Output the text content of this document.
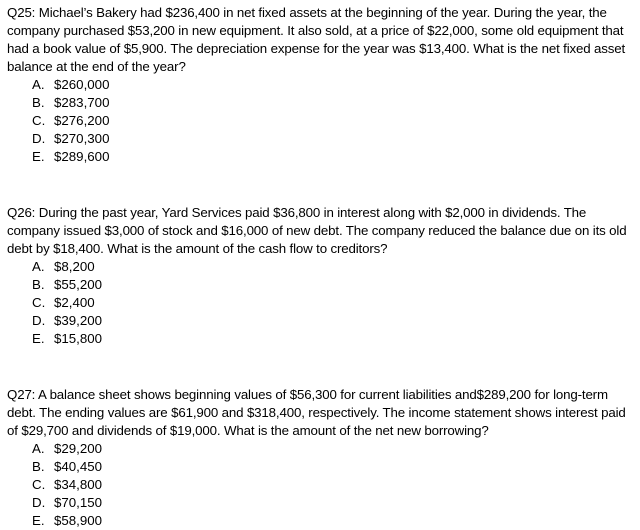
Q25: Michael’s Bakery had $236,400 in net fixed assets at the beginning of the year. During the year, the company purchased $53,200 in new equipment. It also sold, at a price of $22,000, some old equipment that had a book value of $5,900. The depreciation expense for the year was $13,400. What is the net fixed asset balance at the end of the year?

A. $260,000
B. $283,700
C. $276,200
D. $270,300
E. $289,600

Q26: During the past year, Yard Services paid $36,800 in interest along with $2,000 in dividends. The company issued $3,000 of stock and $16,000 of new debt. The company reduced the balance due on its old debt by $18,400. What is the amount of the cash flow to creditors?

A. $8,200
B. $55,200
C. $2,400
D. $39,200
E. $15,800

Q27: A balance sheet shows beginning values of $56,300 for current liabilities and$289,200 for long-term debt. The ending values are $61,900 and $318,400, respectively. The income statement shows interest paid of $29,700 and dividends of $19,000. What is the amount of the net new borrowing?

A. $29,200
B. $40,450
C. $34,800
D. $70,150
E. $58,900
